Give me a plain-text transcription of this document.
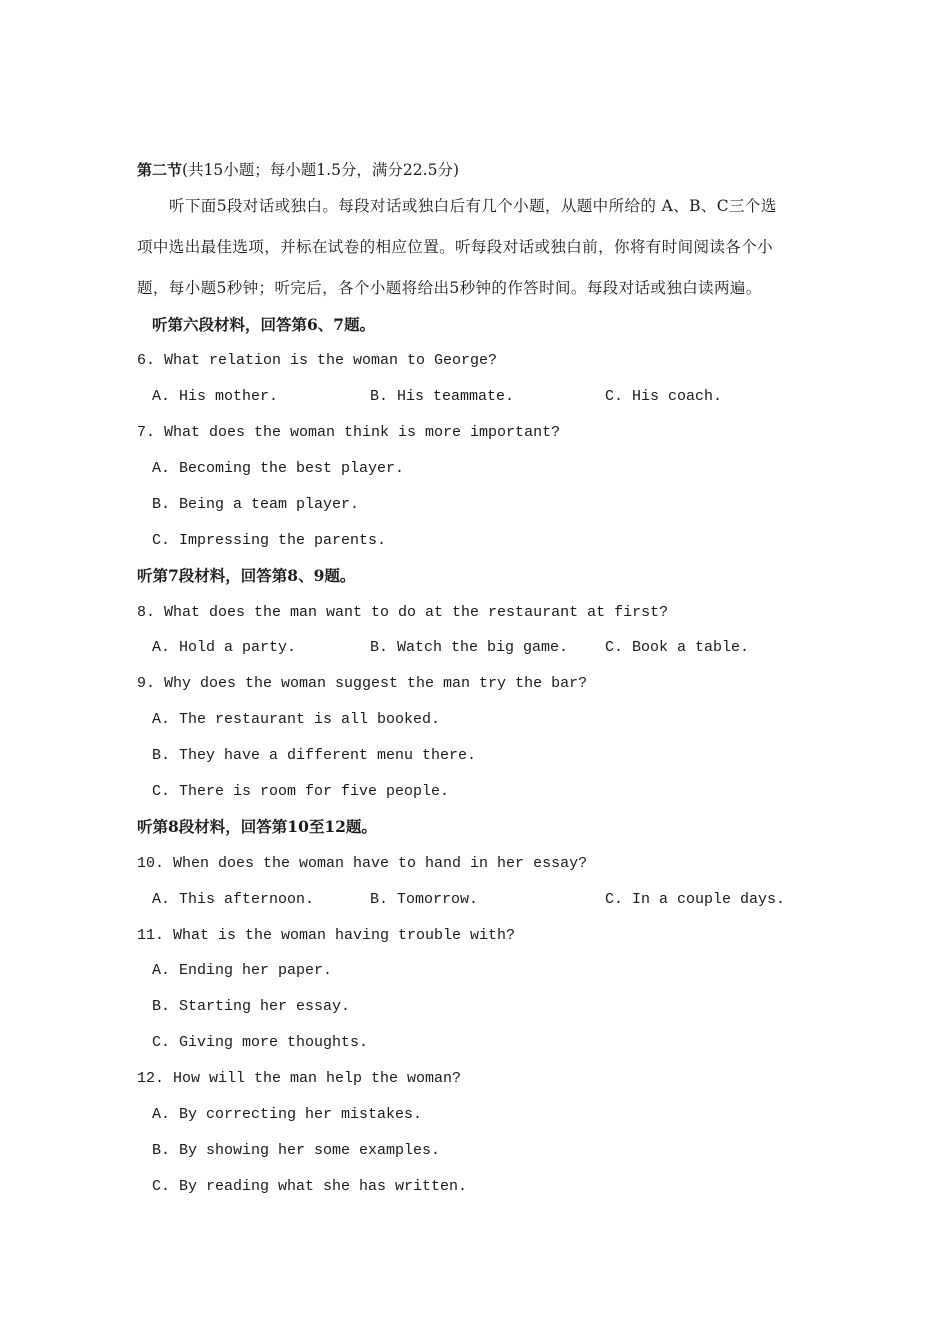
第二节(共15小题；每小题1.5分，满分22.5分)
听下面5段对话或独白。每段对话或独白后有几个小题，从题中所给的 A、B、C三个选
项中选出最佳选项，并标在试卷的相应位置。听每段对话或独白前，你将有时间阅读各个小
题，每小题5秒钟；听完后，各个小题将给出5秒钟的作答时间。每段对话或独白读两遍。
听第六段材料，回答第6、7题。
6. What relation is the woman to George?
A. His mother.	B. His teammate.	C. His coach.
7. What does the woman think is more important?
A. Becoming the best player.
B. Being a team player.
C. Impressing the parents.
听第7段材料，回答第8、9题。
8. What does the man want to do at the restaurant at first?
A. Hold a party.	B. Watch the big game. C. Book a table.
9. Why does the woman suggest the man try the bar?
A. The restaurant is all booked.
B. They have a different menu there.
C. There is room for five people.
听第8段材料，回答第10至12题。
10. When does the woman have to hand in her essay?
A. This afternoon.	B. Tomorrow.	C. In a couple days.
11. What is the woman having trouble with?
A. Ending her paper.
B. Starting her essay.
C. Giving more thoughts.
12. How will the man help the woman?
A. By correcting her mistakes.
B. By showing her some examples.
C. By reading what she has written.
